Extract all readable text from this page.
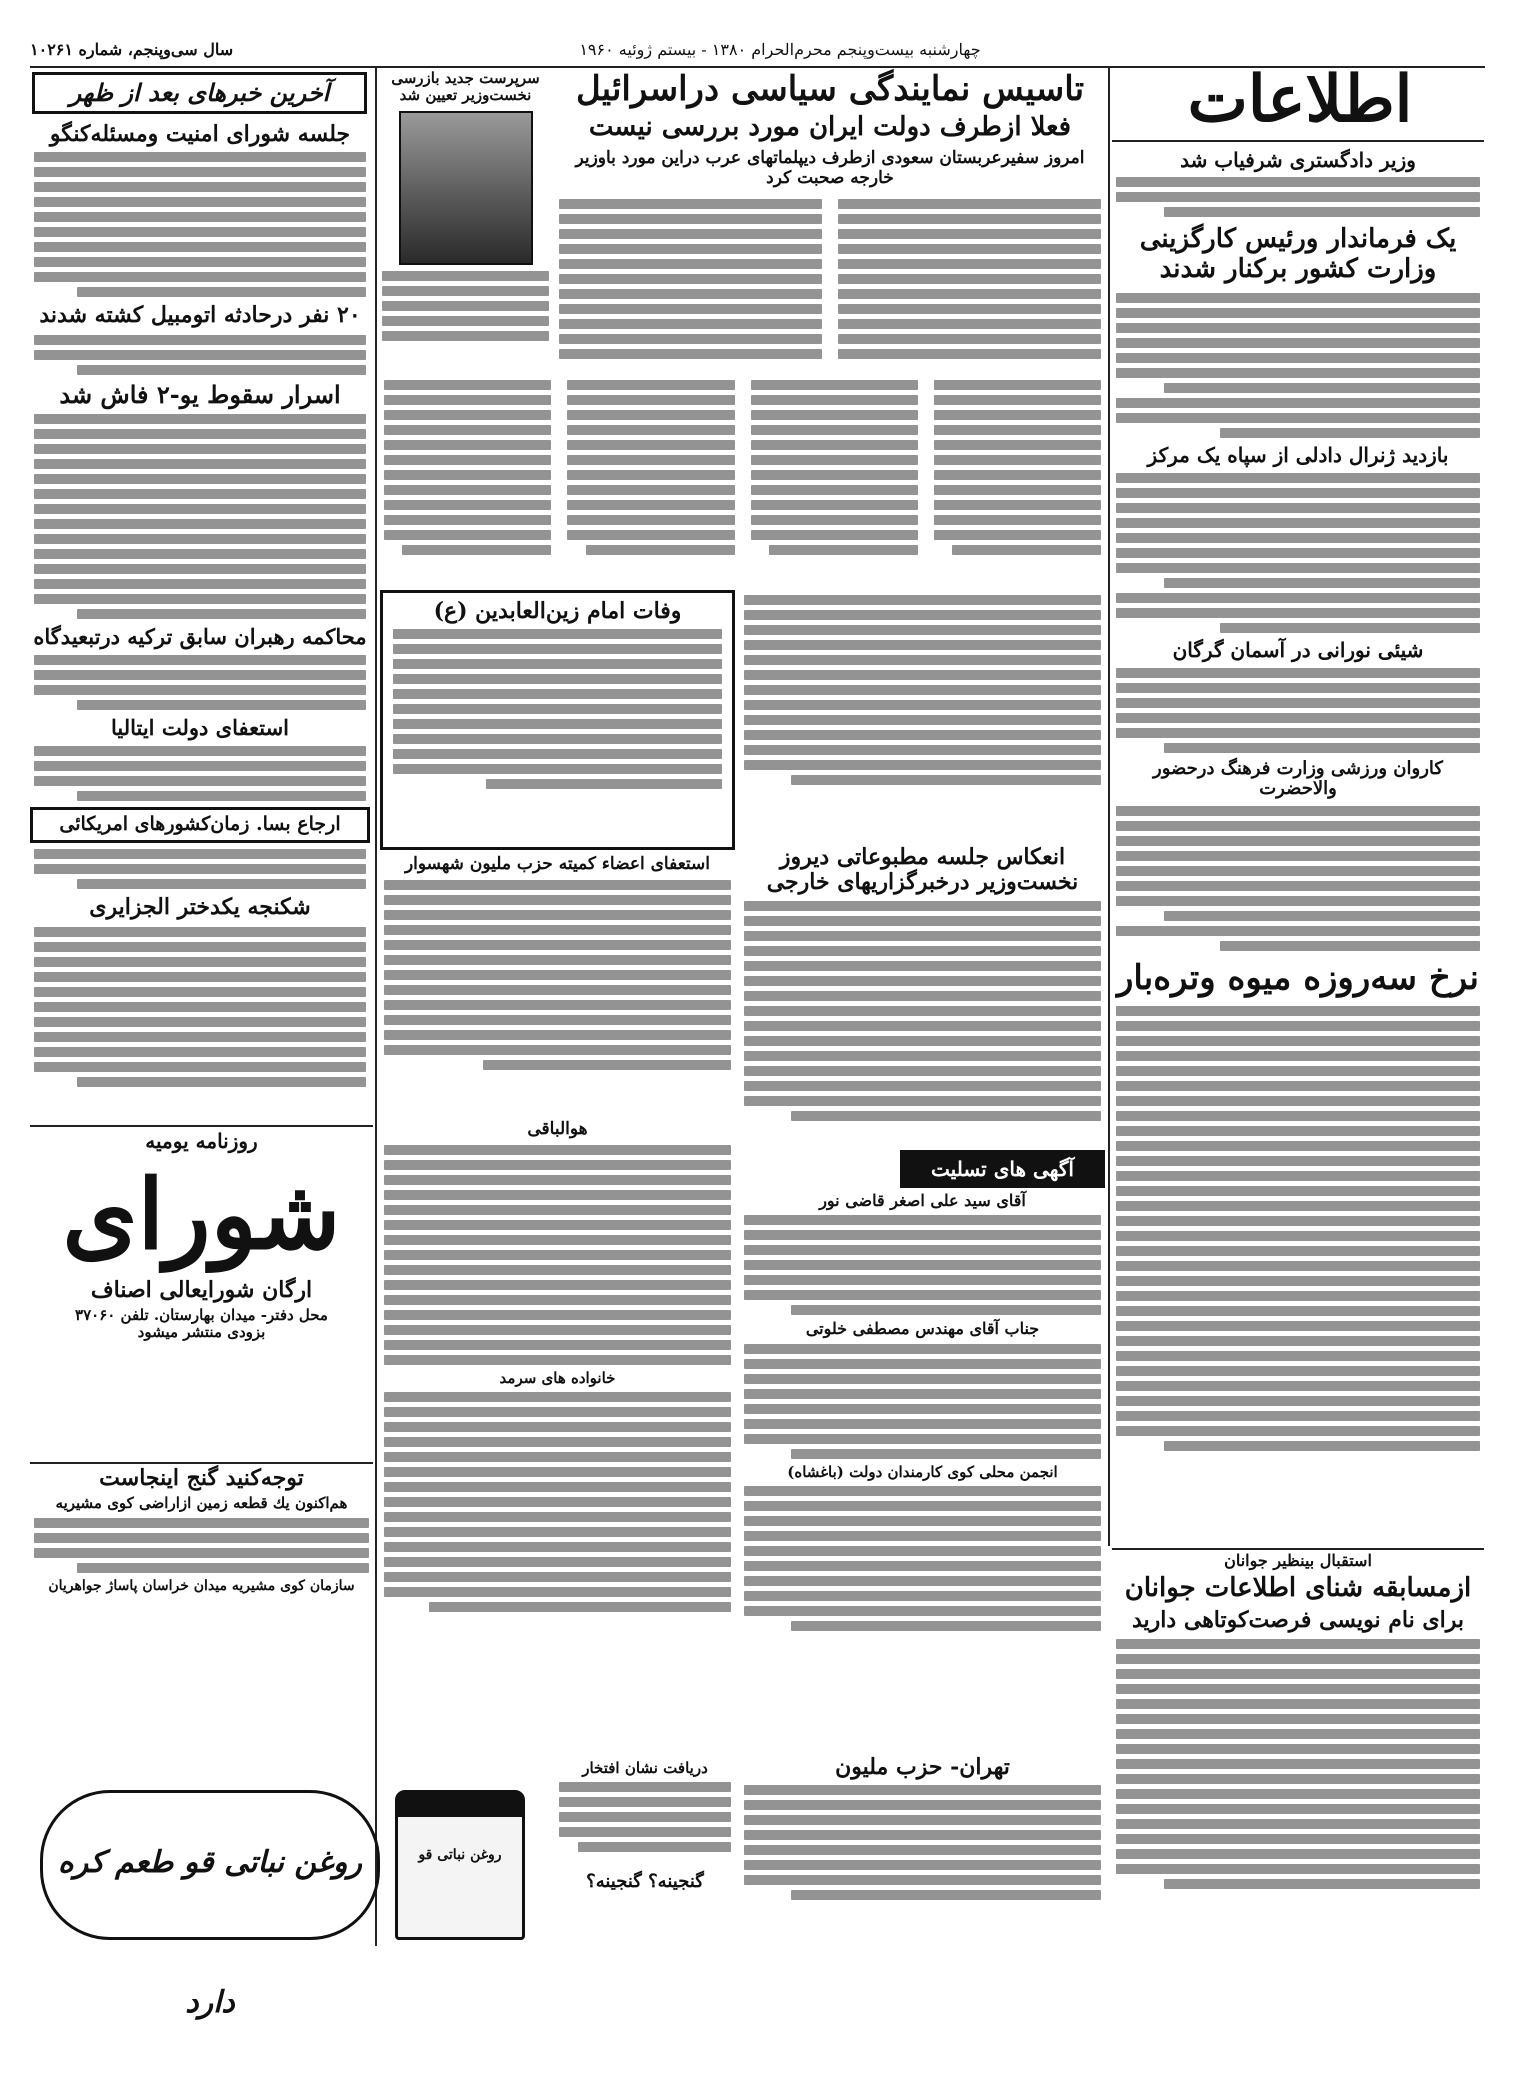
چهارشنبه بیست‌وپنجم محرم‌الحرام ۱۳۸۰ - بیستم ژوئیه ۱۹۶۰
سال سی‌وپنجم، شماره ۱۰۲۶۱
اطلاعات
وزیر دادگستری شرفیاب شد
یک فرماندار ورئیس کارگزینی وزارت کشور برکنار شدند
بازدید ژنرال دادلی از سپاه یک مرکز
شیئی نورانی در آسمان گرگان
کاروان ورزشی وزارت فرهنگ درحضور والاحضرت
نرخ سه‌روزه میوه وتره‌بار
استقبال بینظیر جوانان
ازمسابقه شنای اطلاعات جوانان
برای نام نویسی فرصت‌کوتاهی دارید
تاسیس نمایندگی سیاسی دراسرائیل
فعلا ازطرف دولت ایران مورد بررسی نیست
امروز سفیرعربستان سعودی ازطرف دیپلماتهای عرب دراین مورد باوزیر خارجه صحبت کرد
سرپرست جدید بازرسی
نخست‌وزیر تعیین شد
وفات امام زین‌العابدین (ع)
انعکاس جلسه مطبوعاتی دیروز
نخست‌وزیر درخبرگزاریهای خارجی
استعفای اعضاء کمیته حزب ملیون شهسوار
هوالباقی
خانواده های سرمد
آگهی های تسلیت
آقای سید علی اصغر قاضی نور
جناب آقای مهندس مصطفی خلوتی
انجمن محلی کوی کارمندان دولت (باغشاه)
تهران- حزب ملیون
دریافت نشان افتخار
گنجینه؟ گنجینه؟
روغن نباتی قو
آخرین خبرهای بعد از ظهر
جلسه شورای امنیت ومسئله‌کنگو
۲۰ نفر درحادثه اتومبیل کشته شدند
اسرار سقوط یو-۲ فاش شد
محاکمه رهبران سابق ترکیه درتبعیدگاه
استعفای دولت ایتالیا
ارجاع بسا. زمان‌کشورهای امریکائی
شکنجه یکدختر الجزایری
روزنامه یومیه
شورای
ارگان شورایعالی اصناف
محل دفتر- میدان بهارستان. تلفن ۳۷۰۶۰
بزودی منتشر میشود
توجه‌کنید گنج اینجاست
هم‌اکنون یك قطعه زمین ازاراضی کوی مشیریه
سازمان کوی مشیریه میدان خراسان پاساژ جواهریان
روغن نباتی قو طعم کره دارد
